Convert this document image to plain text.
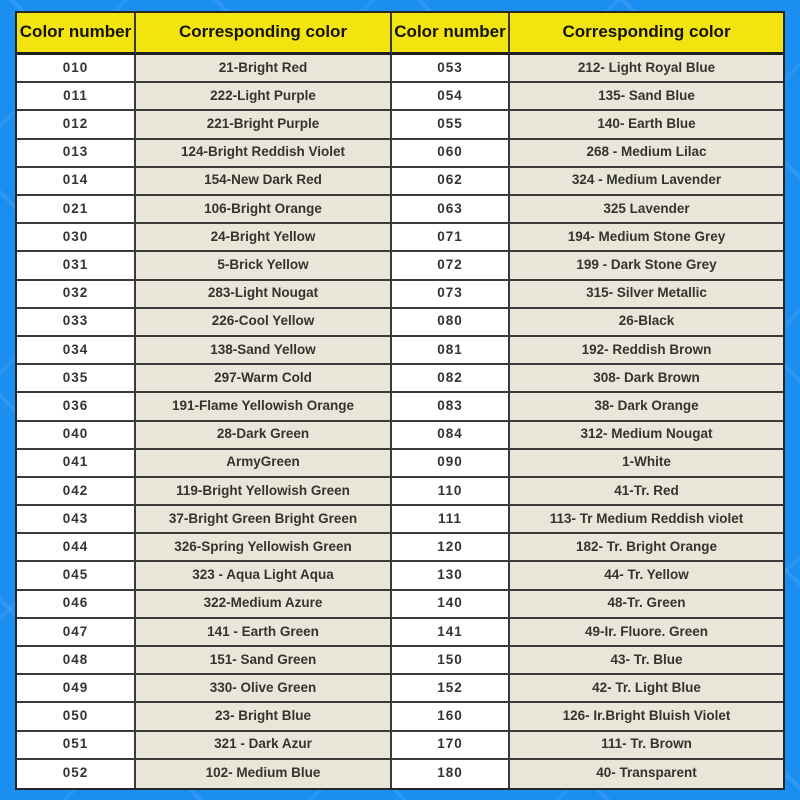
Color number	Corresponding color	Color number	Corresponding color
010	21-Bright Red	053	212- Light Royal Blue
011	222-Light Purple	054	135- Sand Blue
012	221-Bright Purple	055	140- Earth Blue
013	124-Bright Reddish Violet	060	268 - Medium Lilac
014	154-New Dark Red	062	324 - Medium Lavender
021	106-Bright Orange	063	325 Lavender
030	24-Bright Yellow	071	194- Medium Stone Grey
031	5-Brick Yellow	072	199 - Dark Stone Grey
032	283-Light Nougat	073	315- Silver Metallic
033	226-Cool Yellow	080	26-Black
034	138-Sand Yellow	081	192- Reddish Brown
035	297-Warm Cold	082	308- Dark Brown
036	191-Flame Yellowish Orange	083	38- Dark Orange
040	28-Dark Green	084	312- Medium Nougat
041	ArmyGreen	090	1-White
042	119-Bright Yellowish Green	110	41-Tr. Red
043	37-Bright Green Bright Green	111	113- Tr Medium Reddish violet
044	326-Spring Yellowish Green	120	182- Tr. Bright Orange
045	323 - Aqua Light Aqua	130	44- Tr. Yellow
046	322-Medium Azure	140	48-Tr. Green
047	141 - Earth Green	141	49-Ir. Fluore. Green
048	151- Sand Green	150	43- Tr. Blue
049	330- Olive Green	152	42- Tr. Light Blue
050	23- Bright Blue	160	126- Ir.Bright Bluish Violet
051	321 - Dark Azur	170	111- Tr. Brown
052	102- Medium Blue	180	40- Transparent
